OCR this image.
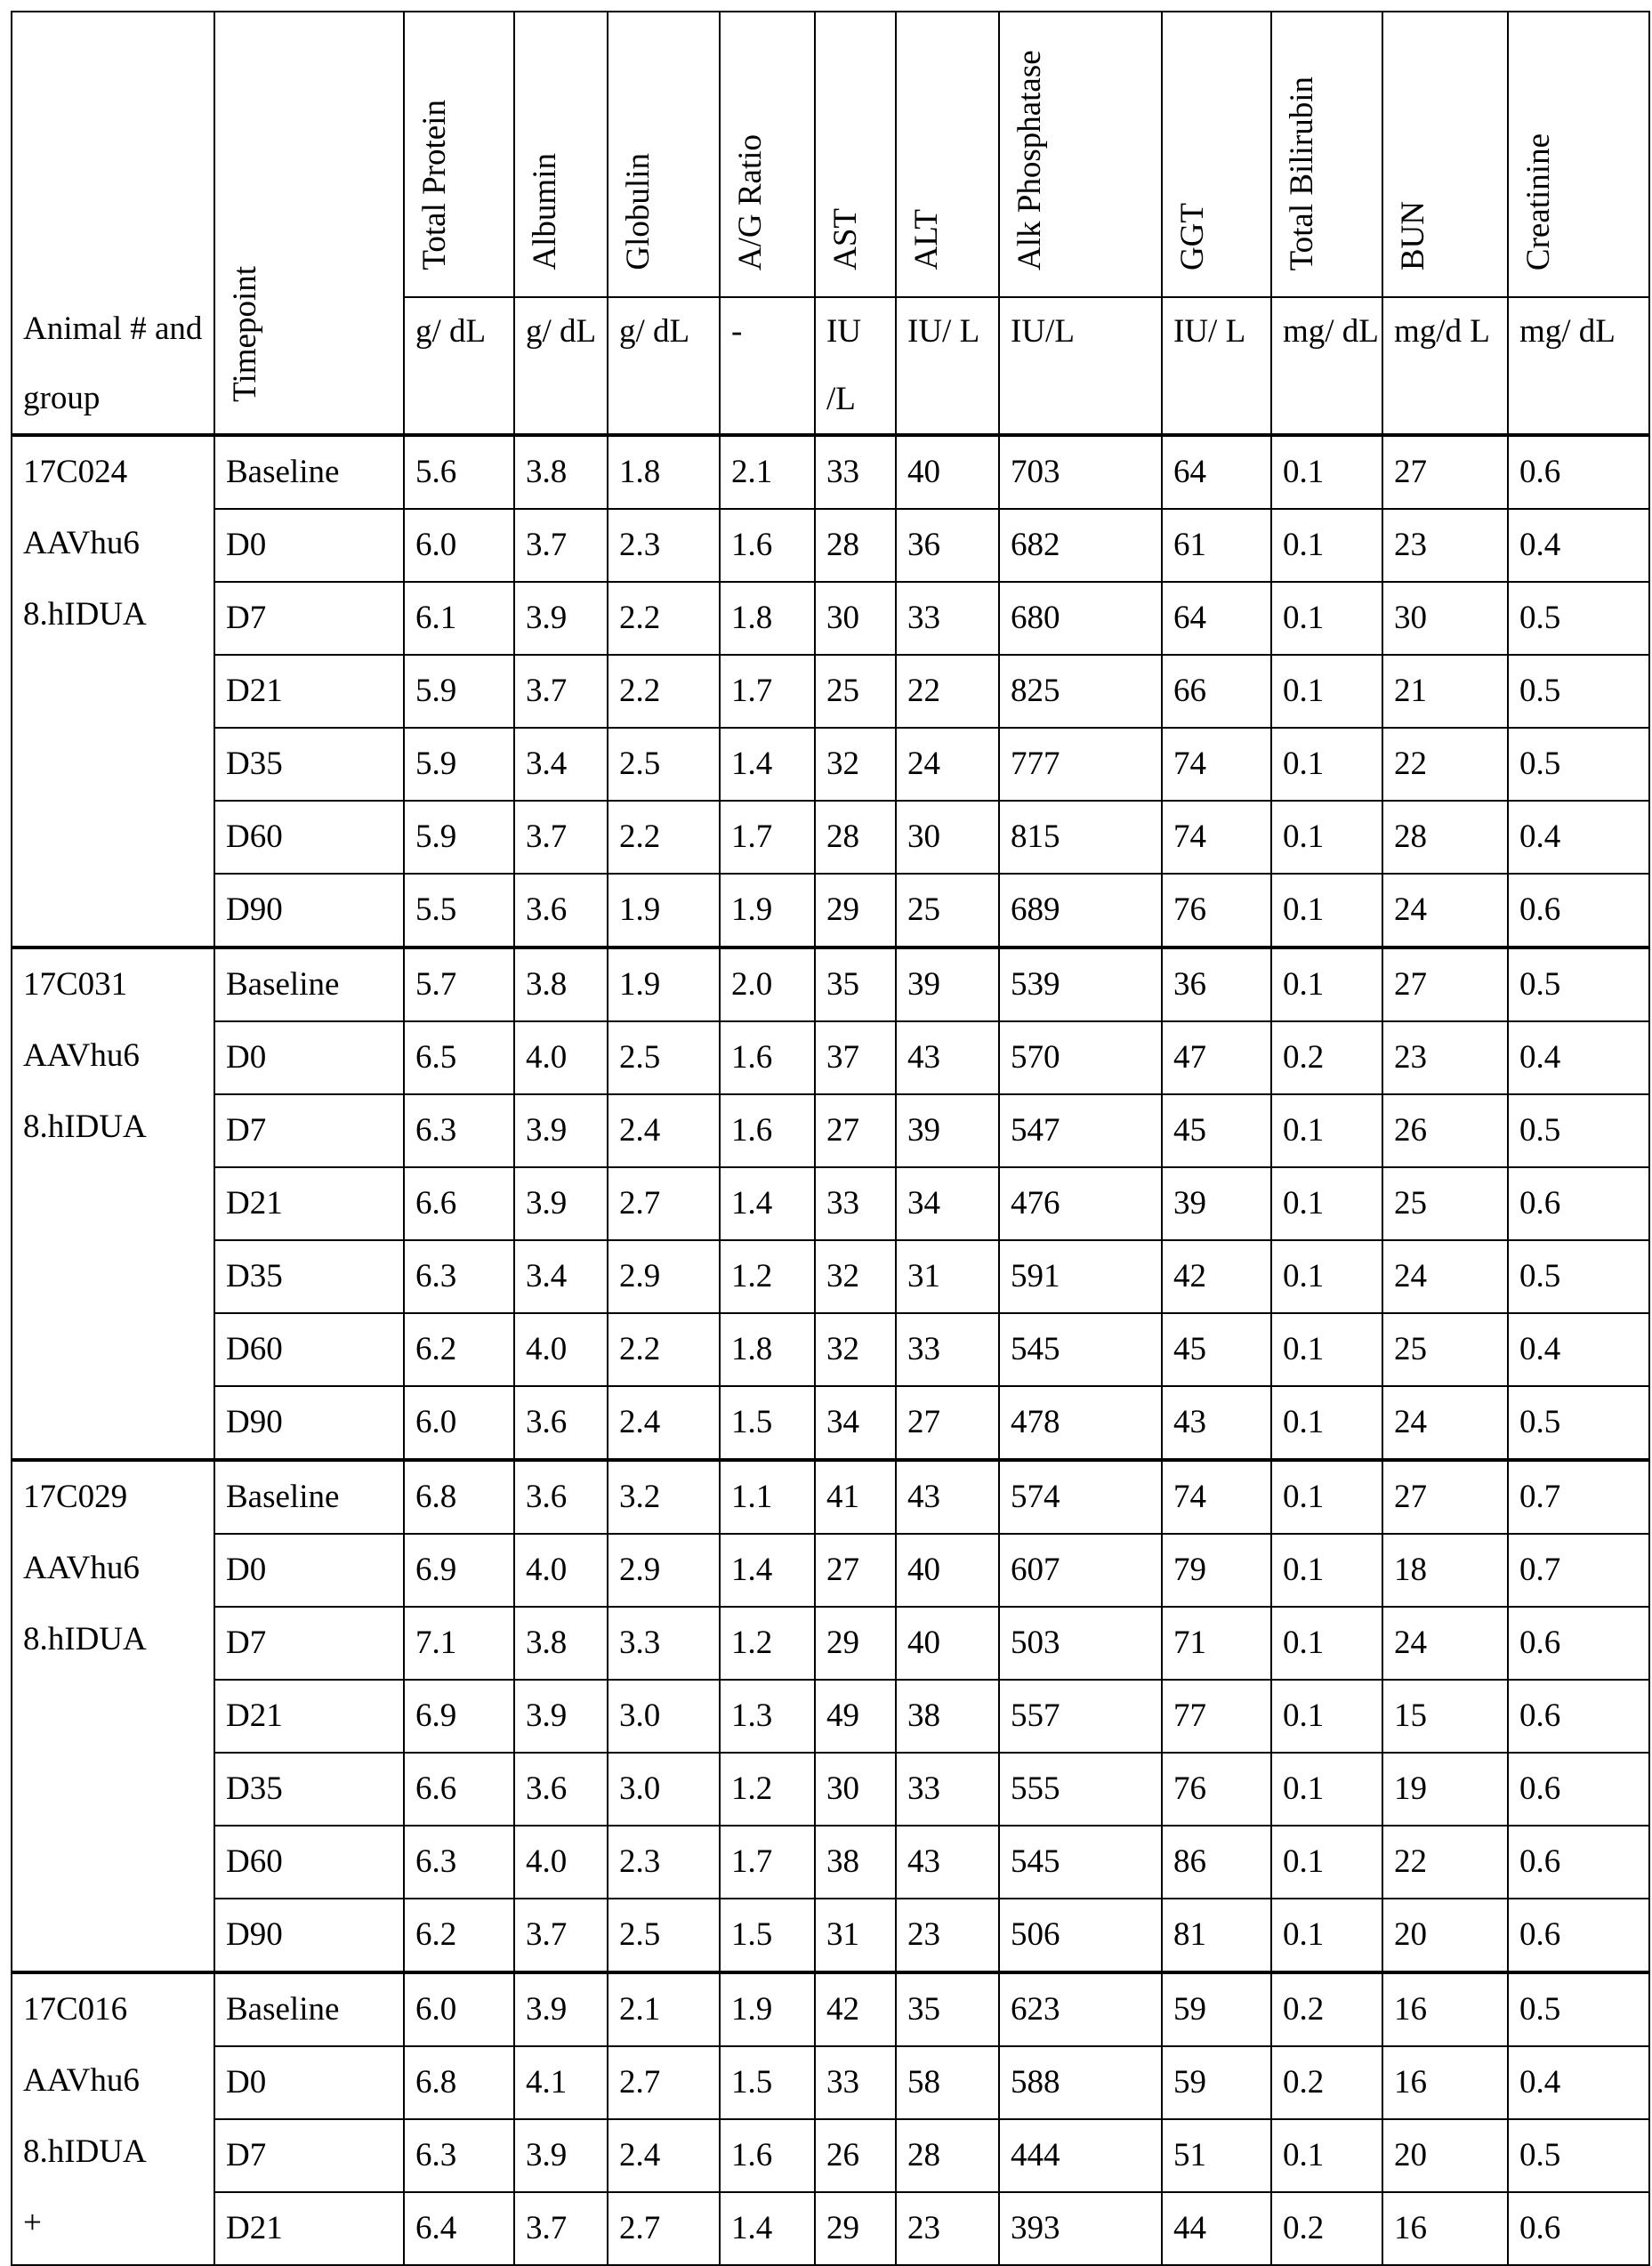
Animal # and group	Timepoint	Total Protein	Albumin	Globulin	A/G Ratio	AST	ALT	Alk Phosphatase	GGT	Total Bilirubin	BUN	Creatinine
g/ dL	g/ dL	g/ dL	-	IU /L	IU/ L	IU/L	IU/ L	mg/ dL	mg/d L	mg/ dL

17C024
AAVhu6
8.hIDUA
	Baseline	5.6	3.8	1.8	2.1	33	40	703	64	0.1	27	0.6
D0	6.0	3.7	2.3	1.6	28	36	682	61	0.1	23	0.4
D7	6.1	3.9	2.2	1.8	30	33	680	64	0.1	30	0.5
D21	5.9	3.7	2.2	1.7	25	22	825	66	0.1	21	0.5
D35	5.9	3.4	2.5	1.4	32	24	777	74	0.1	22	0.5
D60	5.9	3.7	2.2	1.7	28	30	815	74	0.1	28	0.4
D90	5.5	3.6	1.9	1.9	29	25	689	76	0.1	24	0.6

17C031
AAVhu6
8.hIDUA
	Baseline	5.7	3.8	1.9	2.0	35	39	539	36	0.1	27	0.5
D0	6.5	4.0	2.5	1.6	37	43	570	47	0.2	23	0.4
D7	6.3	3.9	2.4	1.6	27	39	547	45	0.1	26	0.5
D21	6.6	3.9	2.7	1.4	33	34	476	39	0.1	25	0.6
D35	6.3	3.4	2.9	1.2	32	31	591	42	0.1	24	0.5
D60	6.2	4.0	2.2	1.8	32	33	545	45	0.1	25	0.4
D90	6.0	3.6	2.4	1.5	34	27	478	43	0.1	24	0.5

17C029
AAVhu6
8.hIDUA
	Baseline	6.8	3.6	3.2	1.1	41	43	574	74	0.1	27	0.7
D0	6.9	4.0	2.9	1.4	27	40	607	79	0.1	18	0.7
D7	7.1	3.8	3.3	1.2	29	40	503	71	0.1	24	0.6
D21	6.9	3.9	3.0	1.3	49	38	557	77	0.1	15	0.6
D35	6.6	3.6	3.0	1.2	30	33	555	76	0.1	19	0.6
D60	6.3	4.0	2.3	1.7	38	43	545	86	0.1	22	0.6
D90	6.2	3.7	2.5	1.5	31	23	506	81	0.1	20	0.6

17C016
AAVhu6
8.hIDUA
+
	Baseline	6.0	3.9	2.1	1.9	42	35	623	59	0.2	16	0.5
D0	6.8	4.1	2.7	1.5	33	58	588	59	0.2	16	0.4
D7	6.3	3.9	2.4	1.6	26	28	444	51	0.1	20	0.5
D21	6.4	3.7	2.7	1.4	29	23	393	44	0.2	16	0.6
